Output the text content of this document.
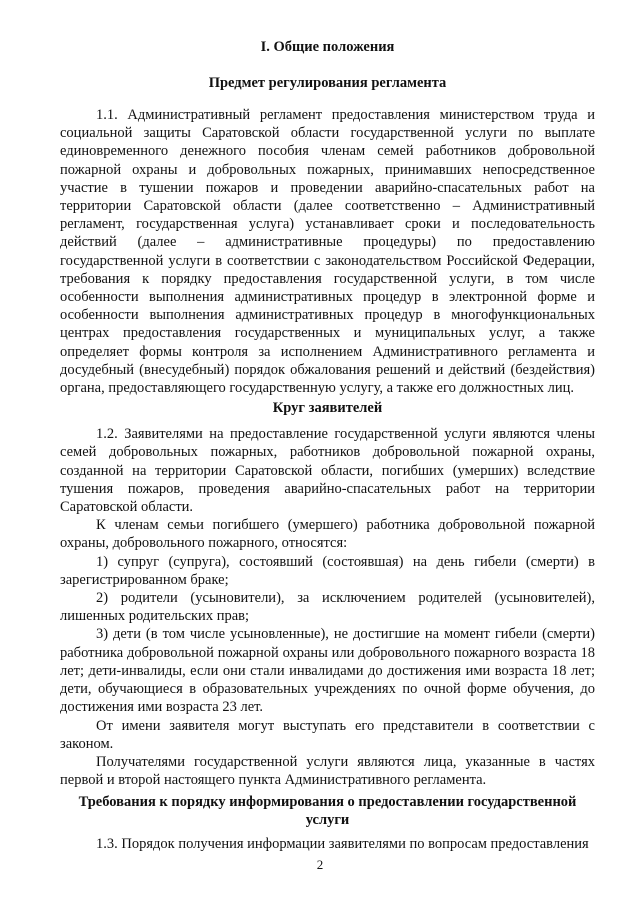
I. Общие положения
Предмет регулирования регламента

1.1. Административный регламент предоставления министерством труда и социальной защиты Саратовской области государственной услуги по выплате единовременного денежного пособия членам семей работников добровольной пожарной охраны и добровольных пожарных, принимавших непосредственное участие в тушении пожаров и проведении аварийно-спасательных работ на территории Саратовской области (далее соответственно – Административный регламент, государственная услуга) устанавливает сроки и последовательность действий (далее – административные процедуры) по предоставлению государственной услуги в соответствии с законодательством Российской Федерации, требования к порядку предоставления государственной услуги, в том числе особенности выполнения административных процедур в электронной форме и особенности выполнения административных процедур в многофункциональных центрах предоставления государственных и муниципальных услуг, а также определяет формы контроля за исполнением Административного регламента и досудебный (внесудебный) порядок обжалования решений и действий (бездействия) органа, предоставляющего государственную услугу, а также его должностных лиц.

Круг заявителей

1.2. Заявителями на предоставление государственной услуги являются члены семей добровольных пожарных, работников добровольной пожарной охраны, созданной на территории Саратовской области, погибших (умерших) вследствие тушения пожаров, проведения аварийно-спасательных работ на территории Саратовской области.

К членам семьи погибшего (умершего) работника добровольной пожарной охраны, добровольного пожарного, относятся:

1) супруг (супруга), состоявший (состоявшая) на день гибели (смерти) в зарегистрированном браке;

2) родители (усыновители), за исключением родителей (усыновителей), лишенных родительских прав;

3) дети (в том числе усыновленные), не достигшие на момент гибели (смерти) работника добровольной пожарной охраны или добровольного пожарного возраста 18 лет; дети-инвалиды, если они стали инвалидами до достижения ими возраста 18 лет; дети, обучающиеся в образовательных учреждениях по очной форме обучения, до достижения ими возраста 23 лет.

От имени заявителя могут выступать его представители в соответствии с законом.

Получателями государственной услуги являются лица, указанные в частях первой и второй настоящего пункта Административного регламента.

Требования к порядку информирования о предоставлении государственной услуги

1.3. Порядок получения информации заявителями по вопросам предоставления

2
